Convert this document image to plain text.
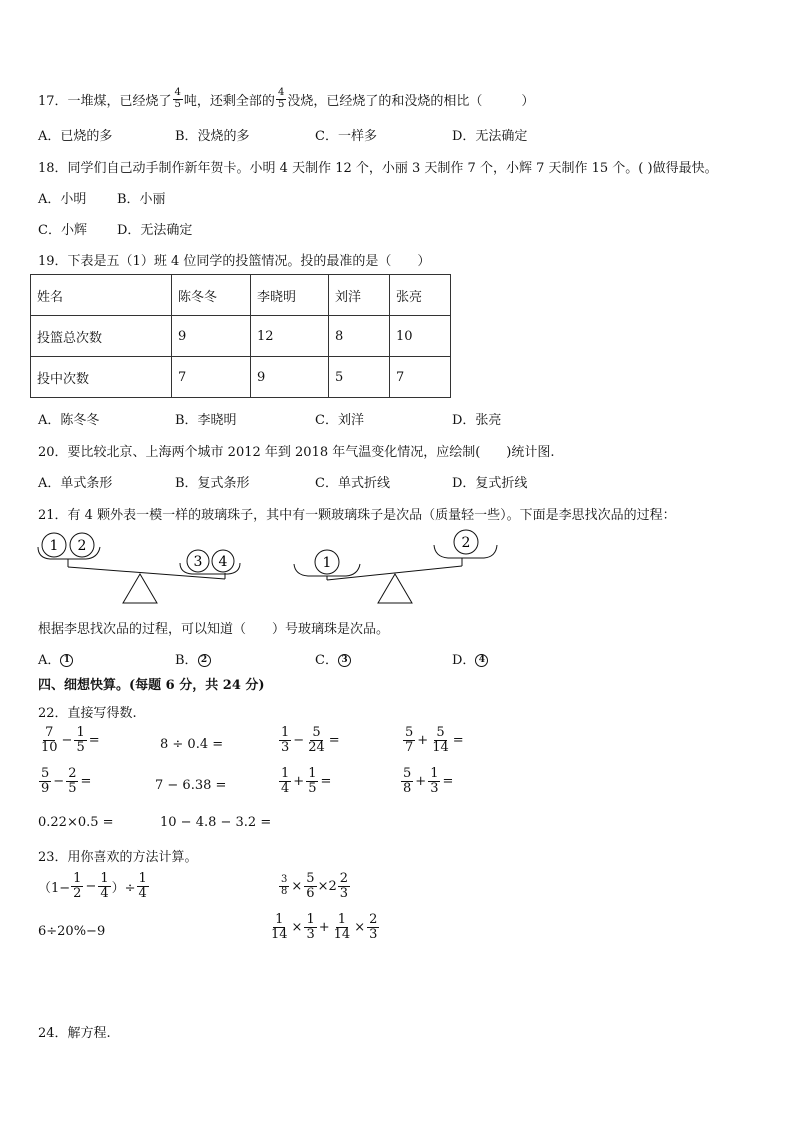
17．一堆煤，已经烧了 $\frac{4}{5}$ 吨，还剩全部的 $\frac{4}{5}$ 没烧，已经烧了的和没烧的相比（　　　）
A．已烧的多	B．没烧的多	C．一样多	D．无法确定
18．同学们自己动手制作新年贺卡。小明 4 天制作 12 个，小丽 3 天制作 7 个，小辉 7 天制作 15 个。( )做得最快。
A．小明 B．小丽
C．小辉 D．无法确定
19．下表是五（1）班 4 位同学的投篮情况。投的最准的是（　　）
姓名	陈冬冬	李晓明	刘洋	张亮
投篮总次数	9	12	8	10
投中次数	7	9	5	7
A．陈冬冬	B．李晓明	C．刘洋	D．张亮
20．要比较北京、上海两个城市 2012 年到 2018 年气温变化情况，应绘制(　　)统计图.
A．单式条形	B．复式条形	C．单式折线	D．复式折线
21．有 4 颗外表一模一样的玻璃珠子，其中有一颗玻璃珠子是次品（质量轻一些）。下面是李思找次品的过程：
1 2
3 4	1
2
根据李思找次品的过程，可以知道（　　）号玻璃珠是次品。
A． 1	B． 2	C． 3	D． 4
四、细想快算。(每题 6 分，共 24 分)
22．直接写得数.
$\frac{7}{10} - \frac{1}{5}$ =	8 ÷ 0.4 =	$\frac{1}{3} - \frac{5}{24}$ =	$\frac{5}{7} + \frac{5}{14}$ =
$\frac{5}{9} - \frac{2}{5}$ =	7 − 6.38 =	$\frac{1}{4} + \frac{1}{5}$ =	$\frac{5}{8} + \frac{1}{3}$ =
0.22×0.5 =	10 − 4.8 − 3.2 =
23．用你喜欢的方法计算。
（$1- \frac{1}{2} - \frac{1}{4}$ ）÷ $\frac{1}{4}$	$\frac{3}{8} \times \frac{5}{6} \times 2 \frac{2}{3}$
6÷20%−9	$\frac{1}{14} \times \frac{1}{3} + \frac{1}{14} \times \frac{2}{3}$
24．解方程.
